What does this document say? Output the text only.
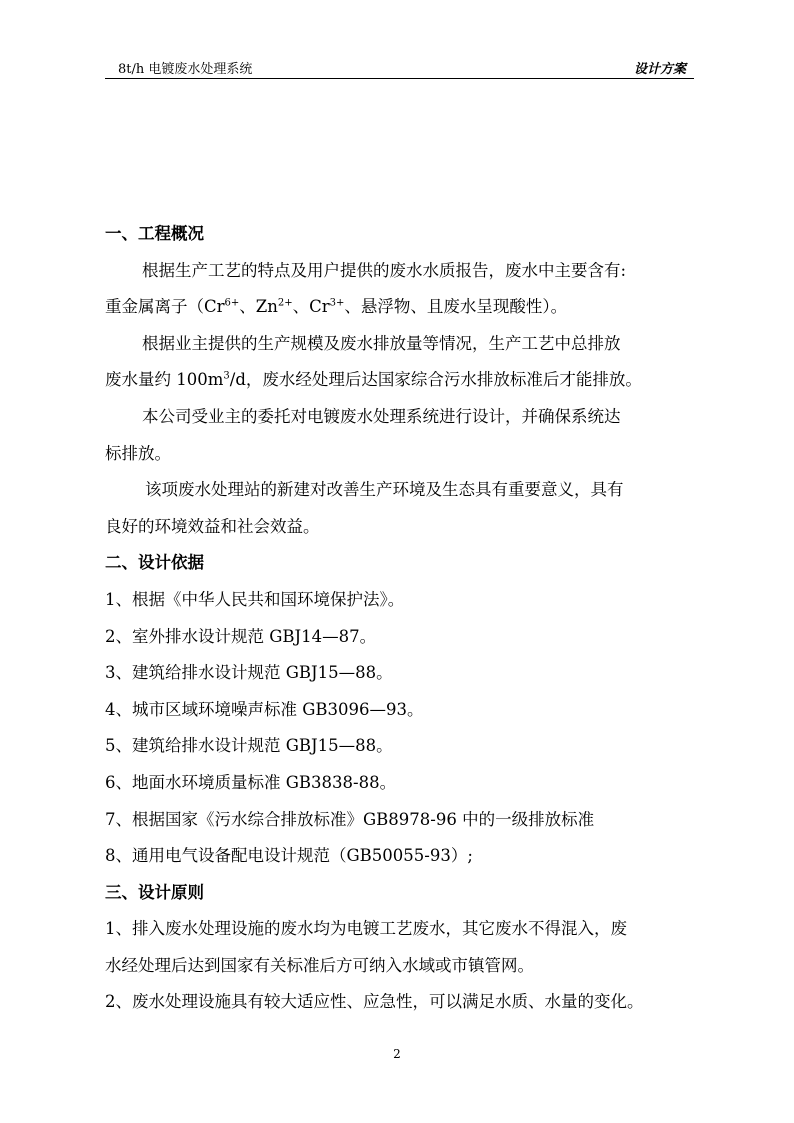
8t/h 电镀废水处理系统	设计方案
一、工程概况
根据生产工艺的特点及用户提供的废水水质报告，废水中主要含有:
重金属离子（$Cr^{6+}$、$Zn^{2+}$、$Cr^{3+}$、悬浮物、且废水呈现酸性）。
根据业主提供的生产规模及废水排放量等情况，生产工艺中总排放
废水量约 $100m^3/d$，废水经处理后达国家综合污水排放标准后才能排放。
本公司受业主的委托对电镀废水处理系统进行设计，并确保系统达
标排放。
该项废水处理站的新建对改善生产环境及生态具有重要意义，具有
良好的环境效益和社会效益。
二、设计依据
1、根据《中华人民共和国环境保护法》。
2、室外排水设计规范 GBJ14—87。
3、建筑给排水设计规范 GBJ15—88。
4、城市区域环境噪声标准 GB3096—93。
5、建筑给排水设计规范 GBJ15—88。
6、地面水环境质量标准 GB3838-88。
7、根据国家《污水综合排放标准》GB8978-96 中的一级排放标准
8、通用电气设备配电设计规范（GB50055-93）;
三、设计原则
1、排入废水处理设施的废水均为电镀工艺废水，其它废水不得混入，废
水经处理后达到国家有关标准后方可纳入水域或市镇管网。
2、废水处理设施具有较大适应性、应急性，可以满足水质、水量的变化。
2
